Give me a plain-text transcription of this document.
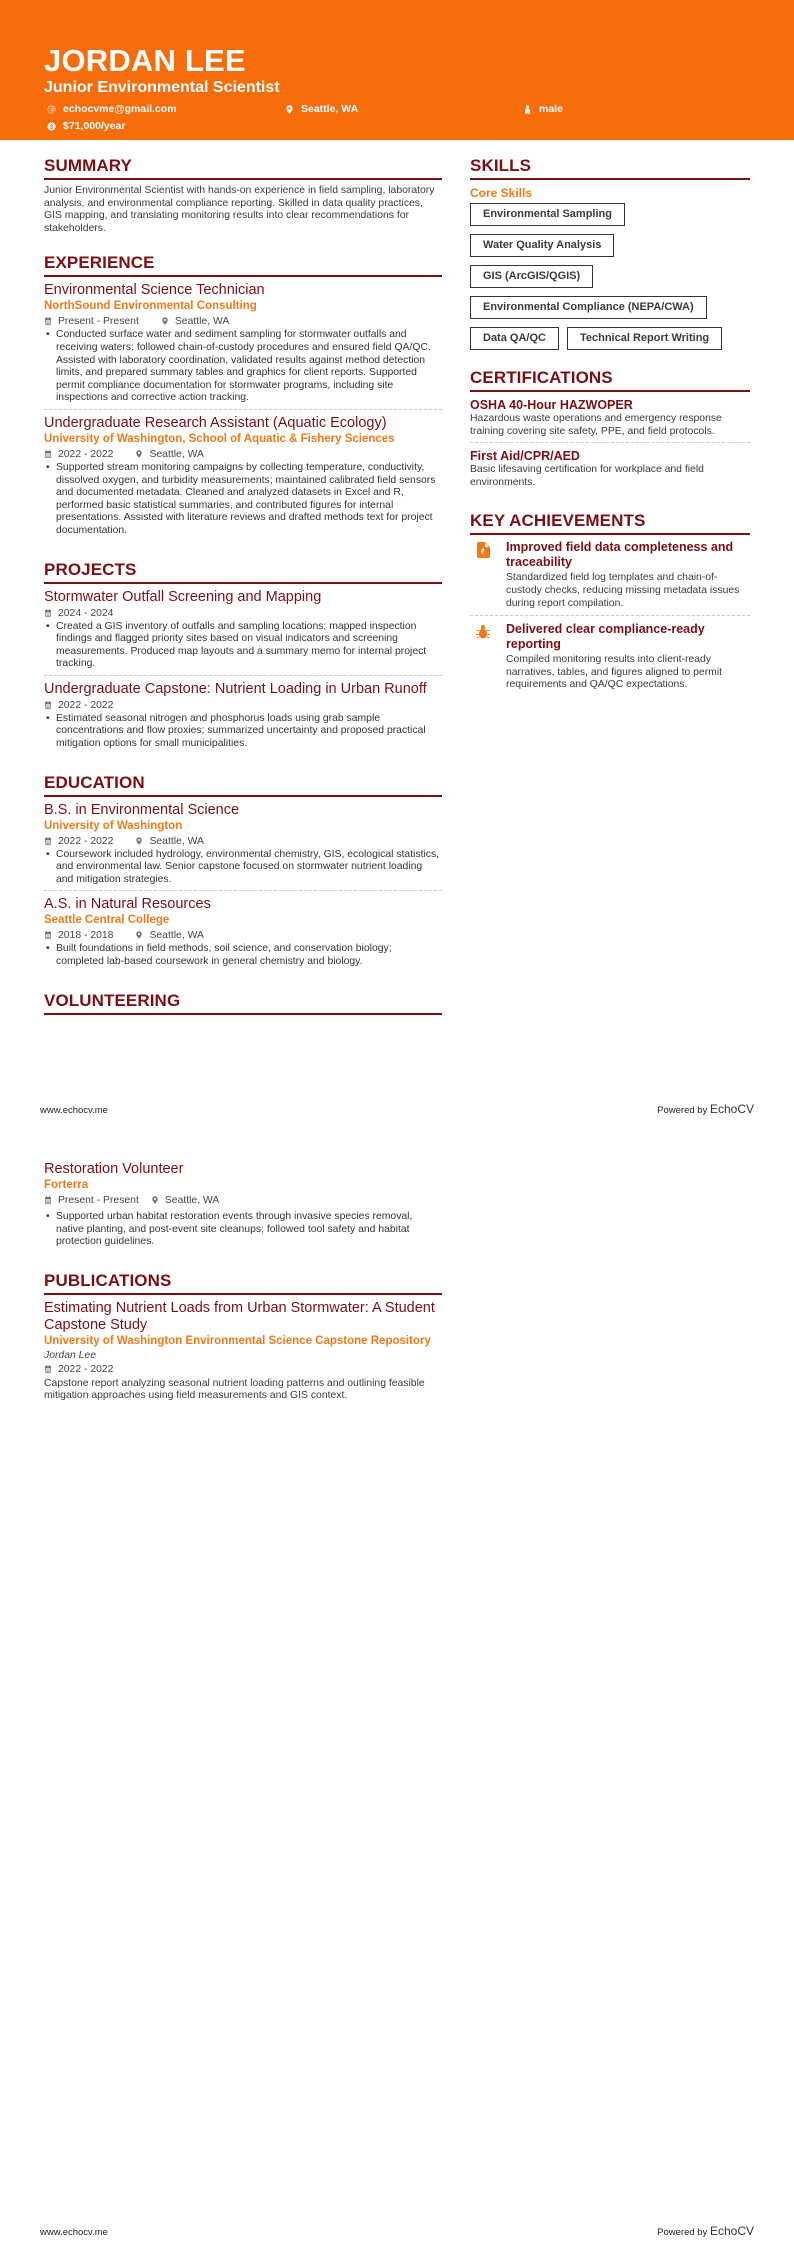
JORDAN LEE
Junior Environmental Scientist
echocvme@gmail.com	Seattle, WA	male
$71,000/year
SUMMARY
Junior Environmental Scientist with hands-on experience in field sampling, laboratory analysis, and environmental compliance reporting. Skilled in data quality practices, GIS mapping, and translating monitoring results into clear recommendations for stakeholders.
EXPERIENCE
Environmental Science Technician
NorthSound Environmental Consulting
Present - Present	Seattle, WA
• Conducted surface water and sediment sampling for stormwater outfalls and receiving waters; followed chain-of-custody procedures and ensured field QA/QC. Assisted with laboratory coordination, validated results against method detection limits, and prepared summary tables and graphics for client reports. Supported permit compliance documentation for stormwater programs, including site inspections and corrective action tracking.
Undergraduate Research Assistant (Aquatic Ecology)
University of Washington, School of Aquatic & Fishery Sciences
2022 - 2022	Seattle, WA
• Supported stream monitoring campaigns by collecting temperature, conductivity, dissolved oxygen, and turbidity measurements; maintained calibrated field sensors and documented metadata. Cleaned and analyzed datasets in Excel and R, performed basic statistical summaries, and contributed figures for internal presentations. Assisted with literature reviews and drafted methods text for project documentation.
PROJECTS
Stormwater Outfall Screening and Mapping
2024 - 2024
• Created a GIS inventory of outfalls and sampling locations; mapped inspection findings and flagged priority sites based on visual indicators and screening measurements. Produced map layouts and a summary memo for internal project tracking.
Undergraduate Capstone: Nutrient Loading in Urban Runoff
2022 - 2022
• Estimated seasonal nitrogen and phosphorus loads using grab sample concentrations and flow proxies; summarized uncertainty and proposed practical mitigation options for small municipalities.
EDUCATION
B.S. in Environmental Science
University of Washington
2022 - 2022	Seattle, WA
• Coursework included hydrology, environmental chemistry, GIS, ecological statistics, and environmental law. Senior capstone focused on stormwater nutrient loading and mitigation strategies.
A.S. in Natural Resources
Seattle Central College
2018 - 2018	Seattle, WA
• Built foundations in field methods, soil science, and conservation biology; completed lab-based coursework in general chemistry and biology.
VOLUNTEERING
www.echocv.me	Powered by EchoCV
Restoration Volunteer
Forterra
Present - Present	Seattle, WA
• Supported urban habitat restoration events through invasive species removal, native planting, and post-event site cleanups; followed tool safety and habitat protection guidelines.
PUBLICATIONS
Estimating Nutrient Loads from Urban Stormwater: A Student Capstone Study
University of Washington Environmental Science Capstone Repository
Jordan Lee
2022 - 2022
Capstone report analyzing seasonal nutrient loading patterns and outlining feasible mitigation approaches using field measurements and GIS context.
SKILLS
Core Skills
Environmental Sampling
Water Quality Analysis
GIS (ArcGIS/QGIS)
Environmental Compliance (NEPA/CWA)
Data QA/QC	Technical Report Writing
CERTIFICATIONS
OSHA 40-Hour HAZWOPER
Hazardous waste operations and emergency response training covering site safety, PPE, and field protocols.
First Aid/CPR/AED
Basic lifesaving certification for workplace and field environments.
KEY ACHIEVEMENTS
Improved field data completeness and traceability
Standardized field log templates and chain-of-custody checks, reducing missing metadata issues during report compilation.
Delivered clear compliance-ready reporting
Compiled monitoring results into client-ready narratives, tables, and figures aligned to permit requirements and QA/QC expectations.
www.echocv.me	Powered by EchoCV
